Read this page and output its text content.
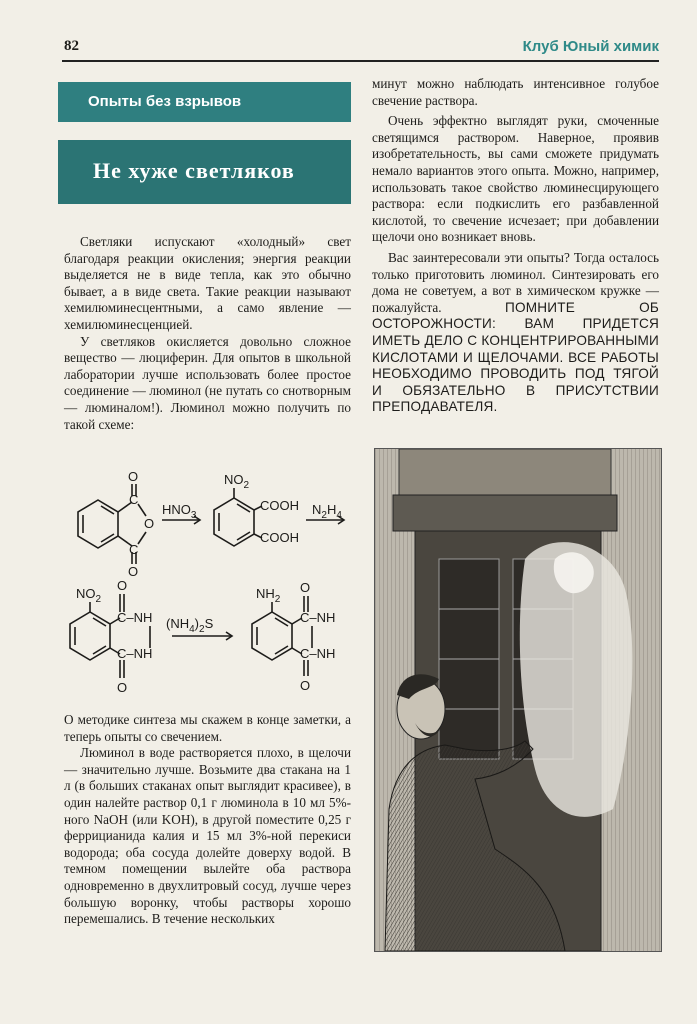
82	Клуб Юный химик
Опыты без взрывов
Не хуже светляков

Светляки испускают «холодный» свет благодаря реакции окисления; энергия реакции выделяется не в виде тепла, как это обычно бывает, а в виде света. Такие реакции называют хемилюминесцентными, а само явление — хемилюминесценцией.

У светляков окисляется довольно сложное вещество — люциферин. Для опытов в школьной лаборатории лучше использовать более простое соединение — люминол (не путать со снотворным — люминалом!). Люминол можно получить по такой схеме:

O
C
O
C
O
$HNO_3$
$NO_2$
COOH
COOH
$N_2H_4$
$NO_2$
O
C–NH
C–NH
O
$(NH_4)_2S$
$NH_2$
O
C–NH
C–NH
O

О методике синтеза мы скажем в конце заметки, а теперь опыты со свечением.

Люминол в воде растворяется плохо, в щелочи — значительно лучше. Возьмите два стакана на 1 л (в больших стаканах опыт выглядит красивее), в один налейте раствор 0,1 г люминола в 10 мл 5%-ного NaOH (или KOH), в другой поместите 0,25 г феррицианида калия и 15 мл 3%-ной перекиси водорода; оба сосуда долейте доверху водой. В темном помещении вылейте оба раствора одновременно в двухлитровый сосуд, лучше через большую воронку, чтобы растворы хорошо перемешались. В течение нескольких

минут можно наблюдать интенсивное голубое свечение раствора.

Очень эффектно выглядят руки, смоченные светящимся раствором. Наверное, проявив изобретательность, вы сами сможете придумать немало вариантов этого опыта. Можно, например, использовать такое свойство люминесцирующего раствора: если подкислить его разбавленной кислотой, то свечение исчезает; при добавлении щелочи оно возникает вновь.

Вас заинтересовали эти опыты? Тогда осталось только приготовить люминол. Синтезировать его дома не советуем, а вот в химическом кружке — пожалуйста.	ПОМНИТЕ ОБ ОСТОРОЖНОСТИ: ВАМ ПРИДЕТСЯ ИМЕТЬ ДЕЛО С КОНЦЕНТРИРОВАННЫМИ КИСЛОТАМИ И ЩЕЛОЧАМИ. ВСЕ РАБОТЫ НЕОБХОДИМО ПРОВОДИТЬ ПОД ТЯГОЙ И ОБЯЗАТЕЛЬНО В ПРИСУТСТВИИ ПРЕПОДАВАТЕЛЯ.
